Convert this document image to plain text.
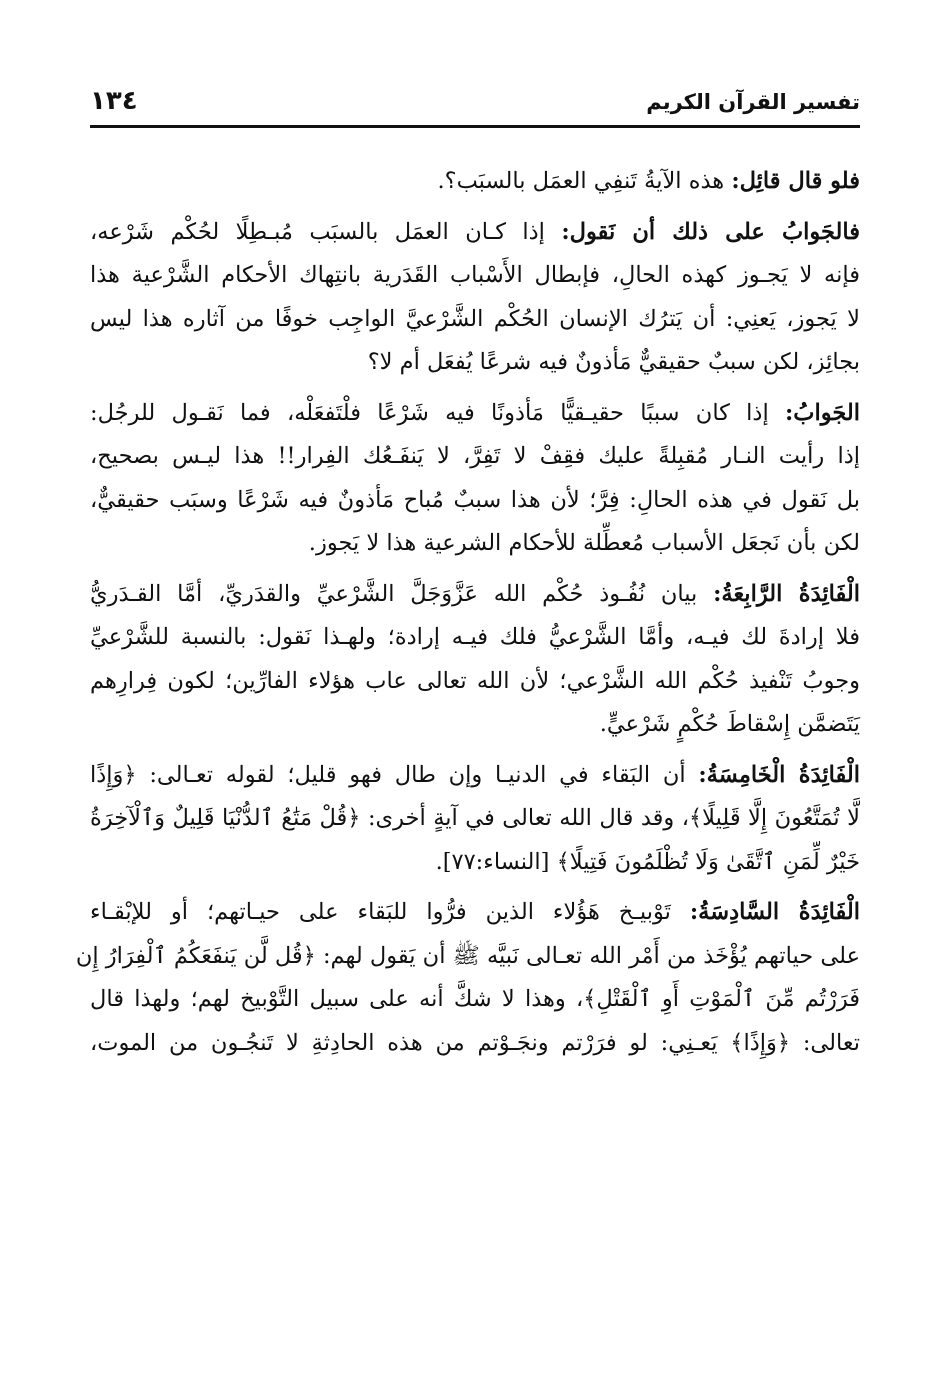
تفسير القرآن الكريم
١٣٤

فلو قال قائِل: هذه الآيةُ تَنفِي العمَل بالسبَب؟.

فالجَوابُ على ذلك أن نَقول: إذا كـان العمَل بالسبَب مُبـطِلًا لحُكْم شَرْعه،
فإنه لا يَجـوز كهذه الحالِ، فإبطال الأَسْباب القَدَرية بانتِهاك الأحكام الشَّرْعية هذا
لا يَجوز، يَعنِي: أن يَترُك الإنسان الحُكْم الشَّرْعيَّ الواجِب خوفًا من آثاره هذا ليس
بجائِز، لكن سببٌ حقيقيٌّ مَأذونٌ فيه شرعًا يُفعَل أم لا؟

الجَوابُ: إذا كان سببًا حقيـقيًّا مَأذونًا فيه شَرْعًا فلْتَفعَلْه، فما نَقـول للرجُل:
إذا رأيت النـار مُقبِلةً عليك فقِفْ لا تَفِرَّ، لا يَنفَـعُك الفِرار!! هذا ليـس بصحيح،
بل نَقول في هذه الحالِ: فِرَّ؛ لأن هذا سببٌ مُباح مَأذونٌ فيه شَرْعًا وسبَب حقيقيٌّ،
لكن بأن نَجعَل الأسباب مُعطِّلة للأحكام الشرعية هذا لا يَجوز.

الْفَائِدَةُ الرَّابِعَةُ: بيان نُفُـوذ حُكْم الله عَزَّوَجَلَّ الشَّرْعيِّ والقدَريِّ، أمَّا القـدَريُّ
فلا إرادةَ لك فيـه، وأمَّا الشَّرْعيُّ فلك فيـه إرادة؛ ولهـذا نَقول: بالنسبة للشَّرْعيِّ
وجوبُ تَنْفيذ حُكْم الله الشَّرْعي؛ لأن الله تعالى عاب هؤلاء الفارِّين؛ لكون فِرارِهم
يَتَضمَّن إِسْقاطَ حُكْمٍ شَرْعيٍّ.

الْفَائِدَةُ الْخَامِسَةُ: أن البَقاء في الدنيـا وإن طال فهو قليل؛ لقوله تعـالى: ﴿وَإِذًا
لَّا تُمَتَّعُونَ إِلَّا قَلِيلًا﴾، وقد قال الله تعالى في آيةٍ أخرى: ﴿قُلْ مَتَٰعُ ٱلدُّنْيَا قَلِيلٌ وَٱلْآخِرَةُ
خَيْرٌ لِّمَنِ ٱتَّقَىٰ وَلَا تُظْلَمُونَ فَتِيلًا﴾ [النساء:٧٧].

الْفَائِدَةُ السَّادِسَةُ: تَوْبيـخ هَؤُلاء الذين فرُّوا للبَقاء على حيـاتهم؛ أو للإبْقـاء
على حياتهم يُؤْخَذ من أَمْر الله تعـالى نَبيَّه ﷺ أن يَقول لهم: ﴿قُل لَّن يَنفَعَكُمُ ٱلْفِرَارُ إِن
فَرَرْتُم مِّنَ ٱلْمَوْتِ أَوِ ٱلْقَتْلِ﴾، وهذا لا شكَّ أنه على سبيل التَّوْبيخ لهم؛ ولهذا قال
تعالى: ﴿وَإِذًا﴾ يَعـنِي: لو فرَرْتم ونجَـوْتم من هذه الحادِثةِ لا تَنجُـون من الموت،
